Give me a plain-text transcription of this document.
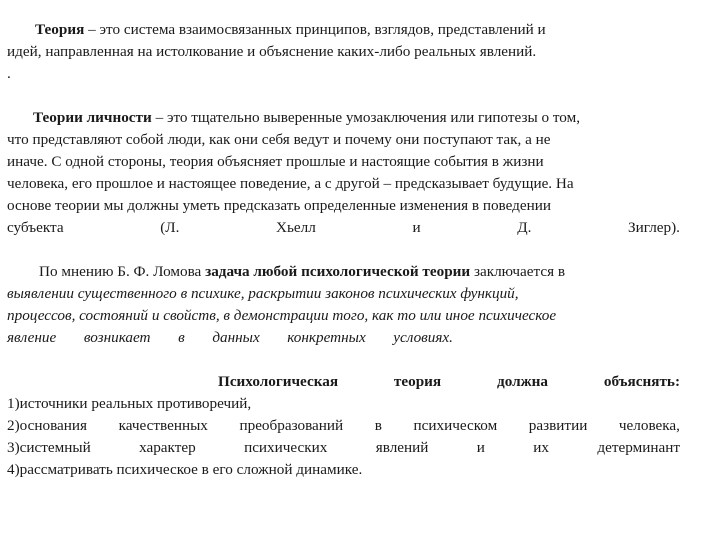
Теория – это система взаимосвязанных принципов, взглядов, представлений и
идей, направленная на истолкование и объяснение каких-либо реальных явлений.
.
Теории личности – это тщательно выверенные умозаключения или гипотезы о том,
что представляют собой люди, как они себя ведут и почему они поступают так, а не
иначе. С одной стороны, теория объясняет прошлые и настоящие события в жизни
человека, его прошлое и настоящее поведение, а с другой – предсказывает будущие. На
основе теории мы должны уметь предсказать определенные изменения в поведении
субъекта	(Л.	Хьелл	и	Д.	Зиглер).
По мнению Б. Ф. Ломова задача любой психологической теории заключается в
выявлении существенного в психике, раскрытии законов психических функций,
процессов, состояний и свойств, в демонстрации того, как то или иное психическое
явление возникает в данных конкретных условиях.
Психологическая	теория	должна	объяснять:
1)источники реальных противоречий,
2)основания качественных преобразований в психическом развитии человека,
3)системный	характер	психических	явлений	и	их	детерминант
4)рассматривать психическое в его сложной динамике.
